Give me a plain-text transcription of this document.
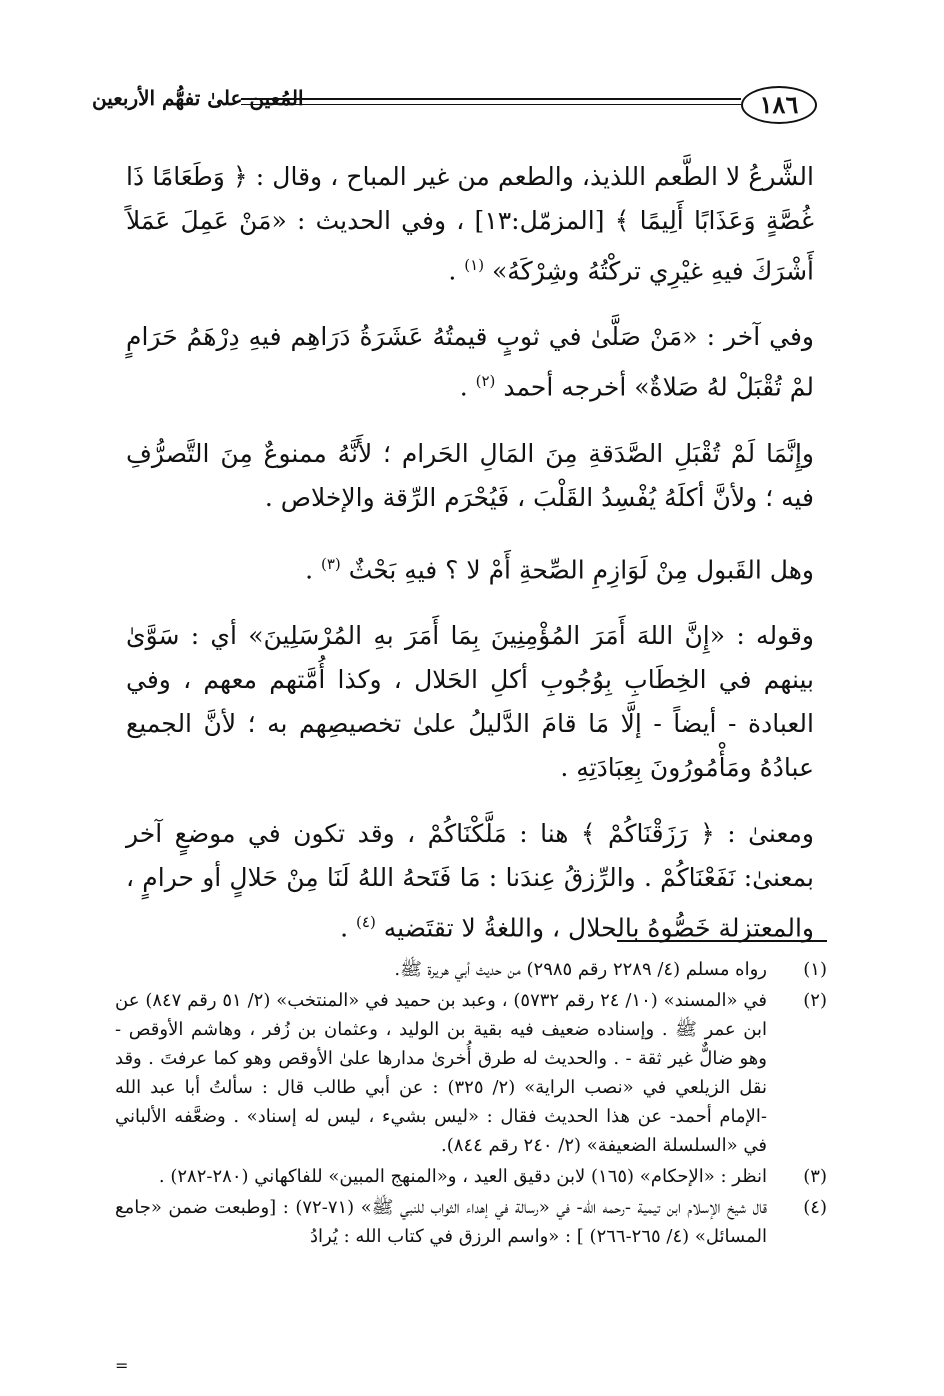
١٨٦
المُعين علىٰ تفهُّم الأربعين

الشَّرعُ لا الطَّعم اللذيذ، والطعم من غير المباح ، وقال : ﴿ وَطَعَامًا ذَا غُصَّةٍ وَعَذَابًا أَلِيمًا ﴾ [المزمّل:١٣] ، وفي الحديث : «مَنْ عَمِلَ عَمَلاً أَشْرَكَ فيهِ غيْرِي تركْتُهُ وشِرْكَهُ» $^{(١)}$ .

وفي آخر : «مَنْ صَلَّىٰ في ثوبٍ قيمتُهُ عَشَرَةُ دَرَاهِم فيهِ دِرْهَمُ حَرَامٍ لمْ تُقْبَلْ لهُ صَلاةٌ» أخرجه أحمد $^{(٢)}$ .

وإِنَّمَا لَمْ تُقْبَلِ الصَّدَقةِ مِنَ المَالِ الحَرام ؛ لأَنَّهُ ممنوعٌ مِنَ التَّصرُّفِ فيه ؛ ولأنَّ أكلَهُ يُفْسِدُ القَلْبَ ، فَيُحْرَم الرِّقة والإخلاص .

وهل القَبول مِنْ لَوَازِمِ الصِّحةِ أَمْ لا ؟ فيهِ بَحْثٌ $^{(٣)}$ .

وقوله : «إِنَّ اللهَ أَمَرَ المُؤْمِنِينَ بِمَا أَمَرَ بهِ المُرْسَلِينَ» أي : سَوَّىٰ بينهم في الخِطَابِ بِوُجُوبِ أكلِ الحَلال ، وكذا أُمَّتهم معهم ، وفي العبادة - أيضاً - إلَّا مَا قامَ الدَّليلُ علىٰ تخصيصِهم به ؛ لأنَّ الجميع عبادُهُ ومَأْمُورُونَ بِعِبَادَتِهِ .

ومعنىٰ : ﴿ رَزَقْنَاكُمْ ﴾ هنا : مَلَّكْنَاكُمْ ، وقد تكون في موضعٍ آخر بمعنىٰ: نَفَعْنَاكُمْ . والرِّزقُ عِندَنا : مَا فَتَحهُ اللهُ لَنَا مِنْ حَلالٍ أو حرامٍ ، والمعتزلة خَصُّوهُ بالحلال ، واللغةُ لا تقتَضيه $^{(٤)}$ .

(١)
رواه مسلم (٤/ ٢٢٨٩ رقم ٢٩٨٥) من حديث أبي هريرة ﷺ.
(٢)
في «المسند» (١٠/ ٢٤ رقم ٥٧٣٢) ، وعبد بن حميد في «المنتخب» (٢/ ٥١ رقم ٨٤٧) عن ابن عمر ﷺ . وإسناده ضعيف فيه بقية بن الوليد ، وعثمان بن زُفر ، وهاشم الأوقص - وهو ضالٌّ غير ثقة - . والحديث له طرق أُخرىٰ مدارها علىٰ الأوقص وهو كما عرفتَ . وقد نقل الزيلعي في «نصب الراية» (٢/ ٣٢٥) : عن أبي طالب قال : سألتُ أبا عبد الله -الإمام أحمد- عن هذا الحديث فقال : «ليس بشيء ، ليس له إسناد» . وضعَّفه الألباني في «السلسلة الضعيفة» (٢/ ٢٤٠ رقم ٨٤٤).
(٣)
انظر : «الإحكام» (١٦٥) لابن دقيق العيد ، و«المنهج المبين» للفاكهاني (٢٨٠-٢٨٢) .
(٤)
قال شيخ الإسلام ابن تيمية -رحمه الله- في «رسالة في إهداء الثواب للنبي ﷺ» (٧١-٧٢) : [وطبعت ضمن «جامع المسائل» (٤/ ٢٦٥-٢٦٦) ] : «واسم الرزق في كتاب الله : يُرادُ
=
